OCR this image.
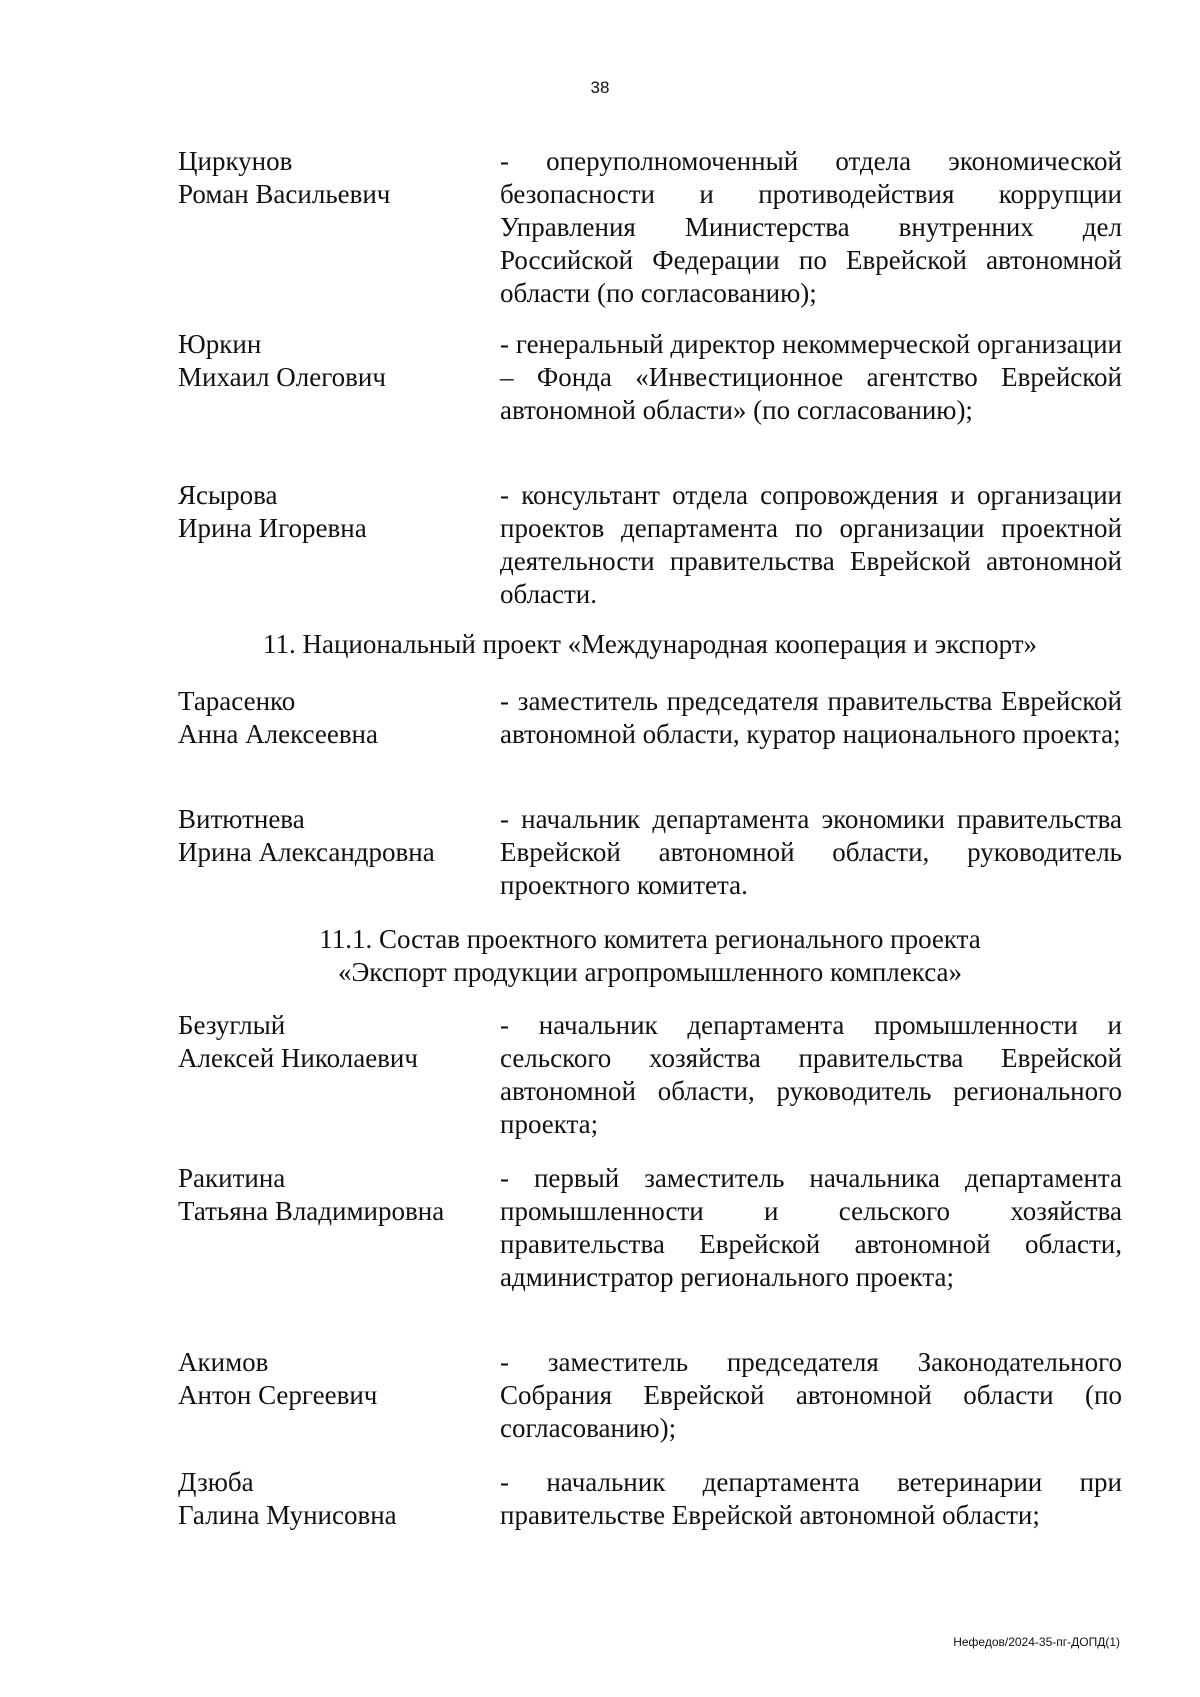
38
Циркунов
Роман Васильевич
- оперуполномоченный отдела экономической безопасности и противодействия коррупции Управления Министерства внутренних дел Российской Федерации по Еврейской автономной области (по согласованию);
Юркин
Михаил Олегович
- генеральный директор некоммерческой организации – Фонда «Инвестиционное агентство Еврейской автономной области» (по согласованию);
Ясырова
Ирина Игоревна
- консультант отдела сопровождения и организации проектов департамента по организации проектной деятельности правительства Еврейской автономной области.
11. Национальный проект «Международная кооперация и экспорт»
Тарасенко
Анна Алексеевна
- заместитель председателя правительства Еврейской автономной области, куратор национального проекта;
Витютнева
Ирина Александровна
- начальник департамента экономики правительства Еврейской автономной области, руководитель проектного комитета.
11.1. Состав проектного комитета регионального проекта
«Экспорт продукции агропромышленного комплекса»
Безуглый
Алексей Николаевич
- начальник департамента промышленности и сельского хозяйства правительства Еврейской автономной области, руководитель регионального проекта;
Ракитина
Татьяна Владимировна
- первый заместитель начальника департамента промышленности и сельского хозяйства правительства Еврейской автономной области, администратор регионального проекта;
Акимов
Антон Сергеевич
- заместитель председателя Законодательного Собрания Еврейской автономной области (по согласованию);
Дзюба
Галина Мунисовна
- начальник департамента ветеринарии при правительстве Еврейской автономной области;
Нефедов/2024-35-пг-ДОПД(1)
